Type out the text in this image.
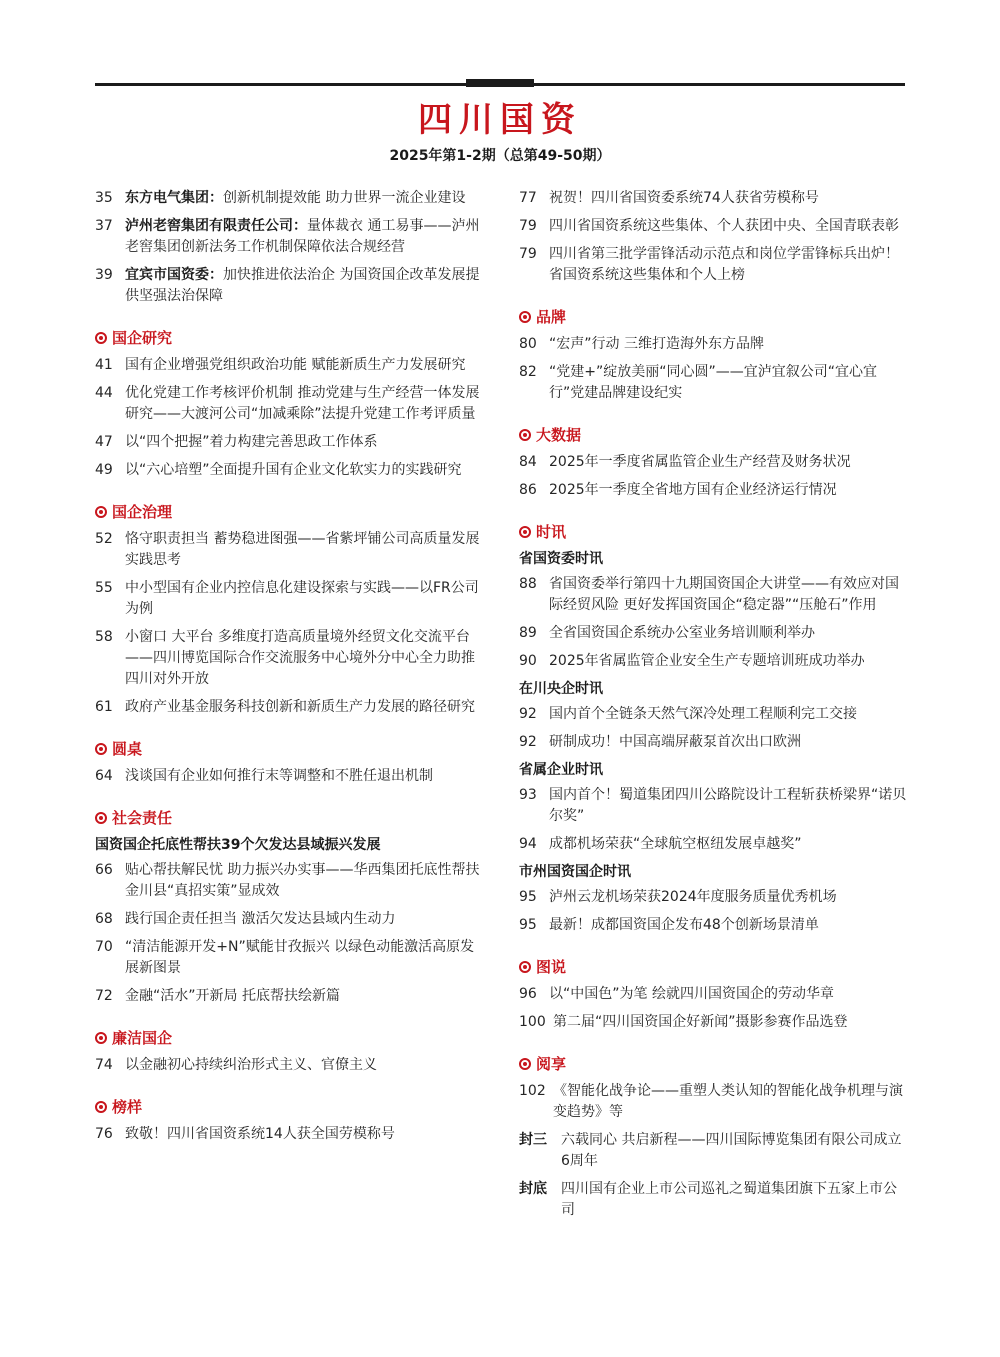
四川国资
2025年第1-2期（总第49-50期）
35 东方电气集团：创新机制提效能 助力世界一流企业建设
37 泸州老窖集团有限责任公司：量体裁衣 通工易事——泸州老窖集团创新法务工作机制保障依法合规经营
39 宜宾市国资委：加快推进依法治企 为国资国企改革发展提供坚强法治保障
国企研究
41 国有企业增强党组织政治功能 赋能新质生产力发展研究
44 优化党建工作考核评价机制 推动党建与生产经营一体发展研究——大渡河公司“加减乘除”法提升党建工作考评质量
47 以“四个把握”着力构建完善思政工作体系
49 以“六心培塑”全面提升国有企业文化软实力的实践研究
国企治理
52 恪守职责担当 蓄势稳进图强——省紫坪铺公司高质量发展实践思考
55 中小型国有企业内控信息化建设探索与实践——以FR公司为例
58 小窗口 大平台 多维度打造高质量境外经贸文化交流平台——四川博览国际合作交流服务中心境外分中心全力助推四川对外开放
61 政府产业基金服务科技创新和新质生产力发展的路径研究
圆桌
64 浅谈国有企业如何推行末等调整和不胜任退出机制
社会责任
国资国企托底性帮扶39个欠发达县域振兴发展
66 贴心帮扶解民忧 助力振兴办实事——华西集团托底性帮扶金川县“真招实策”显成效
68 践行国企责任担当 激活欠发达县域内生动力
70 “清洁能源开发+N”赋能甘孜振兴 以绿色动能激活高原发展新图景
72 金融“活水”开新局 托底帮扶绘新篇
廉洁国企
74 以金融初心持续纠治形式主义、官僚主义
榜样
76 致敬！四川省国资系统14人获全国劳模称号
77 祝贺！四川省国资委系统74人获省劳模称号
79 四川省国资系统这些集体、个人获团中央、全国青联表彰
79 四川省第三批学雷锋活动示范点和岗位学雷锋标兵出炉！省国资系统这些集体和个人上榜
品牌
80 “宏声”行动 三维打造海外东方品牌
82 “党建+”绽放美丽“同心圆”——宜泸宜叙公司“宜心宜行”党建品牌建设纪实
大数据
84 2025年一季度省属监管企业生产经营及财务状况
86 2025年一季度全省地方国有企业经济运行情况
时讯
省国资委时讯
88 省国资委举行第四十九期国资国企大讲堂——有效应对国际经贸风险 更好发挥国资国企“稳定器”“压舱石”作用
89 全省国资国企系统办公室业务培训顺利举办
90 2025年省属监管企业安全生产专题培训班成功举办
在川央企时讯
92 国内首个全链条天然气深冷处理工程顺利完工交接
92 研制成功！中国高端屏蔽泵首次出口欧洲
省属企业时讯
93 国内首个！蜀道集团四川公路院设计工程斩获桥梁界“诺贝尔奖”
94 成都机场荣获“全球航空枢纽发展卓越奖”
市州国资国企时讯
95 泸州云龙机场荣获2024年度服务质量优秀机场
95 最新！成都国资国企发布48个创新场景清单
图说
96 以“中国色”为笔 绘就四川国资国企的劳动华章
100 第二届“四川国资国企好新闻”摄影参赛作品选登
阅享
102 《智能化战争论——重塑人类认知的智能化战争机理与演变趋势》等
封三	六载同心 共启新程——四川国际博览集团有限公司成立6周年
封底	四川国有企业上市公司巡礼之蜀道集团旗下五家上市公司
